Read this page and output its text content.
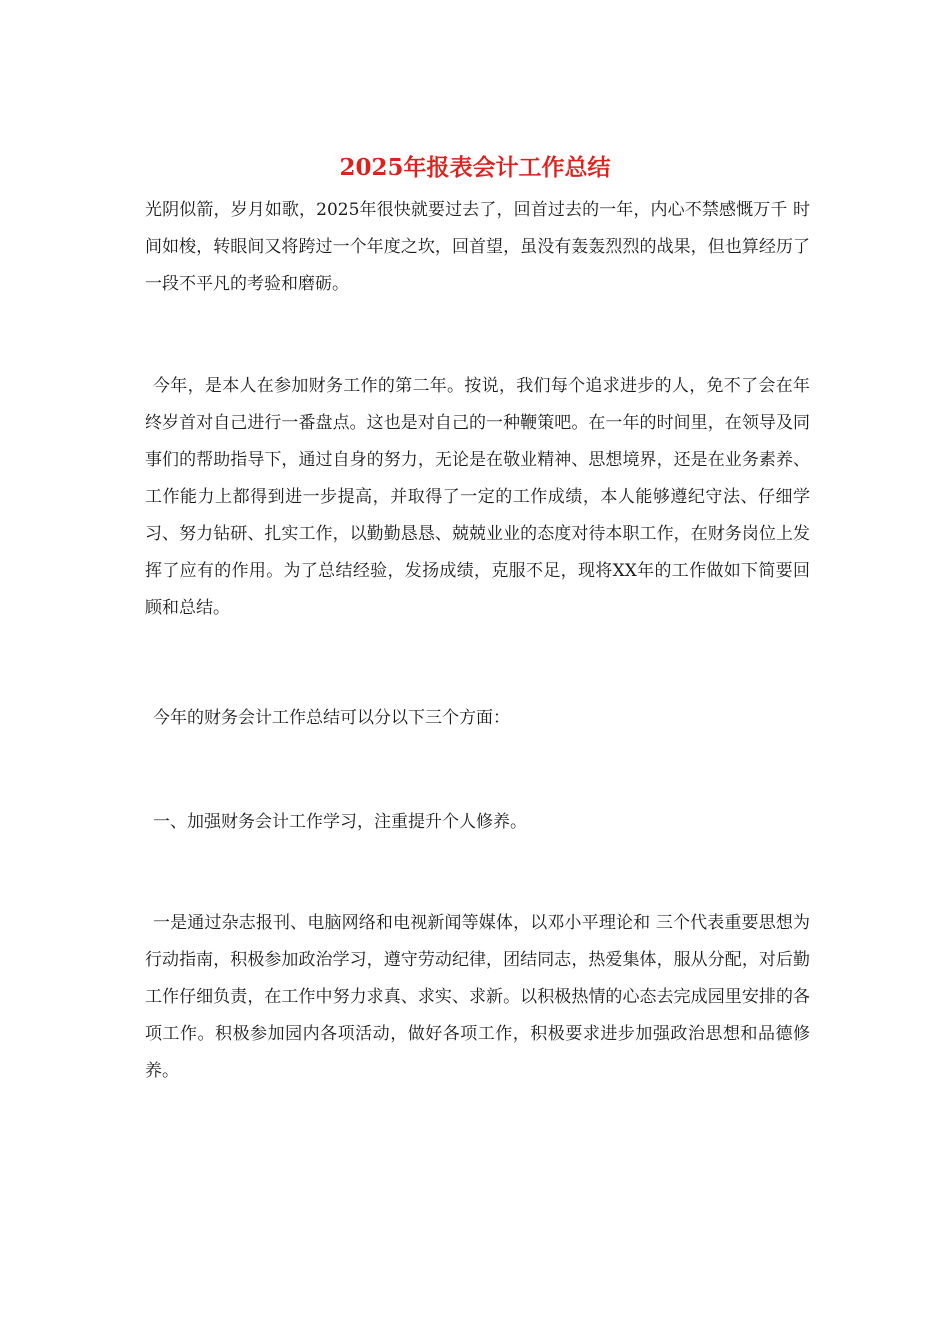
2025年报表会计工作总结

光阴似箭，岁月如歌，2025年很快就要过去了，回首过去的一年，内心不禁感慨万千 时间如梭，转眼间又将跨过一个年度之坎，回首望，虽没有轰轰烈烈的战果，但也算经历了一段不平凡的考验和磨砺。

今年，是本人在参加财务工作的第二年。按说，我们每个追求进步的人，免不了会在年终岁首对自己进行一番盘点。这也是对自己的一种鞭策吧。在一年的时间里，在领导及同事们的帮助指导下，通过自身的努力，无论是在敬业精神、思想境界，还是在业务素养、工作能力上都得到进一步提高，并取得了一定的工作成绩，本人能够遵纪守法、仔细学习、努力钻研、扎实工作，以勤勤恳恳、兢兢业业的态度对待本职工作，在财务岗位上发挥了应有的作用。为了总结经验，发扬成绩，克服不足，现将XX年的工作做如下简要回顾和总结。

今年的财务会计工作总结可以分以下三个方面：

一、加强财务会计工作学习，注重提升个人修养。

一是通过杂志报刊、电脑网络和电视新闻等媒体，以邓小平理论和 三个代表重要思想为行动指南，积极参加政治学习，遵守劳动纪律，团结同志，热爱集体，服从分配，对后勤工作仔细负责，在工作中努力求真、求实、求新。以积极热情的心态去完成园里安排的各项工作。积极参加园内各项活动，做好各项工作，积极要求进步加强政治思想和品德修养。
